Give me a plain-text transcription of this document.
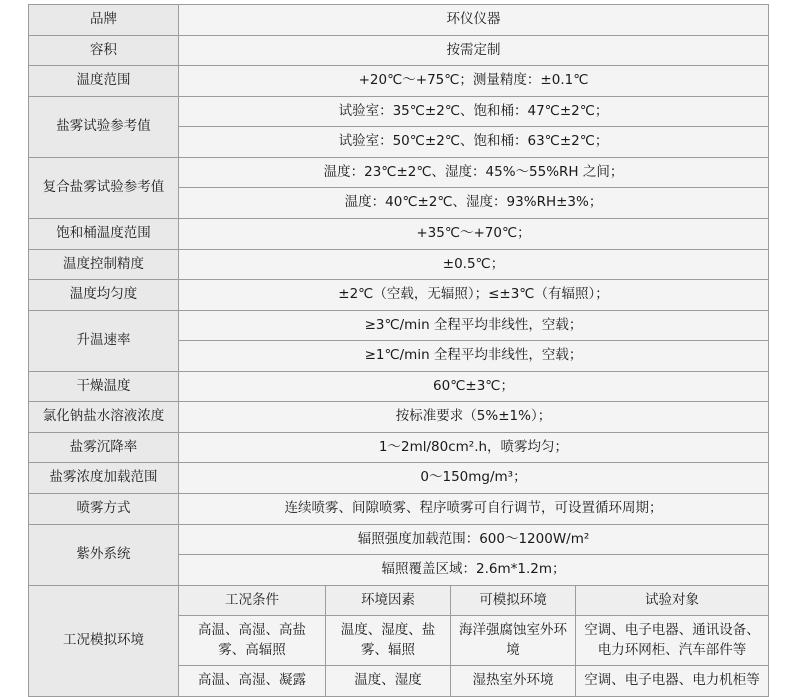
品牌	环仪仪器			
容积	按需定制			
温度范围	+20℃～+75℃；测量精度：±0.1℃			
盐雾试验参考值	试验室：35℃±2℃、饱和桶：47℃±2℃；			
	试验室：50℃±2℃、饱和桶：63℃±2℃；			
复合盐雾试验参考值	温度：23℃±2℃、湿度：45%～55%RH 之间；			
	温度：40℃±2℃、湿度：93%RH±3%；			
饱和桶温度范围	+35℃～+70℃；			
温度控制精度	±0.5℃；			
温度均匀度	±2℃（空载，无辐照）；≤±3℃（有辐照）；			
升温速率	≥3℃/min 全程平均非线性，空载；			
	≥1℃/min 全程平均非线性，空载；			
干燥温度	60℃±3℃；			
氯化钠盐水溶液浓度	按标准要求（5%±1%）；			
盐雾沉降率	1～2ml/80cm².h，喷雾均匀；			
盐雾浓度加载范围	0～150mg/m³；			
喷雾方式	连续喷雾、间隙喷雾、程序喷雾可自行调节，可设置循环周期；			
紫外系统	辐照强度加载范围：600～1200W/m²			
	辐照覆盖区域：2.6m*1.2m；			
工况模拟环境	工况条件	环境因素	可模拟环境	试验对象
	高温、高湿、高盐雾、高辐照	温度、湿度、盐雾、辐照	海洋强腐蚀室外环境	空调、电子电器、通讯设备、电力环网柜、汽车部件等
	高温、高湿、凝露	温度、湿度	湿热室外环境	空调、电子电器、电力机柜等
